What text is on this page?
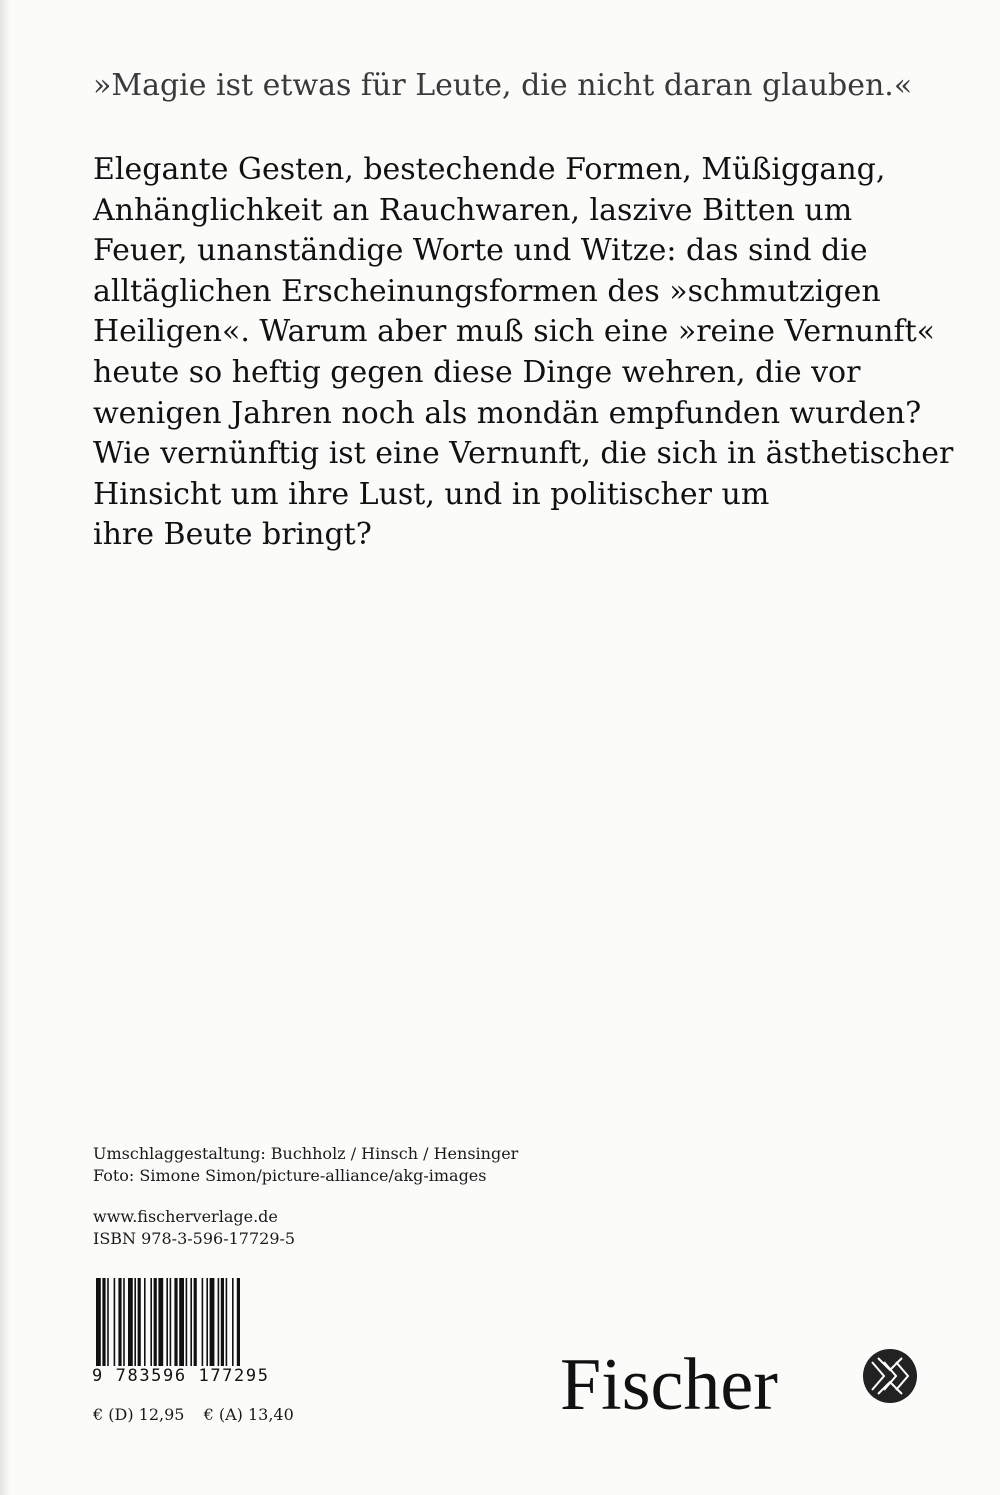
»Magie ist etwas für Leute, die nicht daran glauben.«
Elegante Gesten, bestechende Formen, Müßiggang,
Anhänglichkeit an Rauchwaren, laszive Bitten um
Feuer, unanständige Worte und Witze: das sind die
alltäglichen Erscheinungsformen des »schmutzigen
Heiligen«. Warum aber muß sich eine »reine Vernunft«
heute so heftig gegen diese Dinge wehren, die vor
wenigen Jahren noch als mondän empfunden wurden?
Wie vernünftig ist eine Vernunft, die sich in ästhetischer
Hinsicht um ihre Lust, und in politischer um
ihre Beute bringt?
Umschlaggestaltung: Buchholz / Hinsch / Hensinger
Foto: Simone Simon/picture-alliance/akg-images
www.fischerverlage.de
ISBN 978-3-596-17729-5
9 783596 177295
€ (D) 12,95 € (A) 13,40	Fischer
